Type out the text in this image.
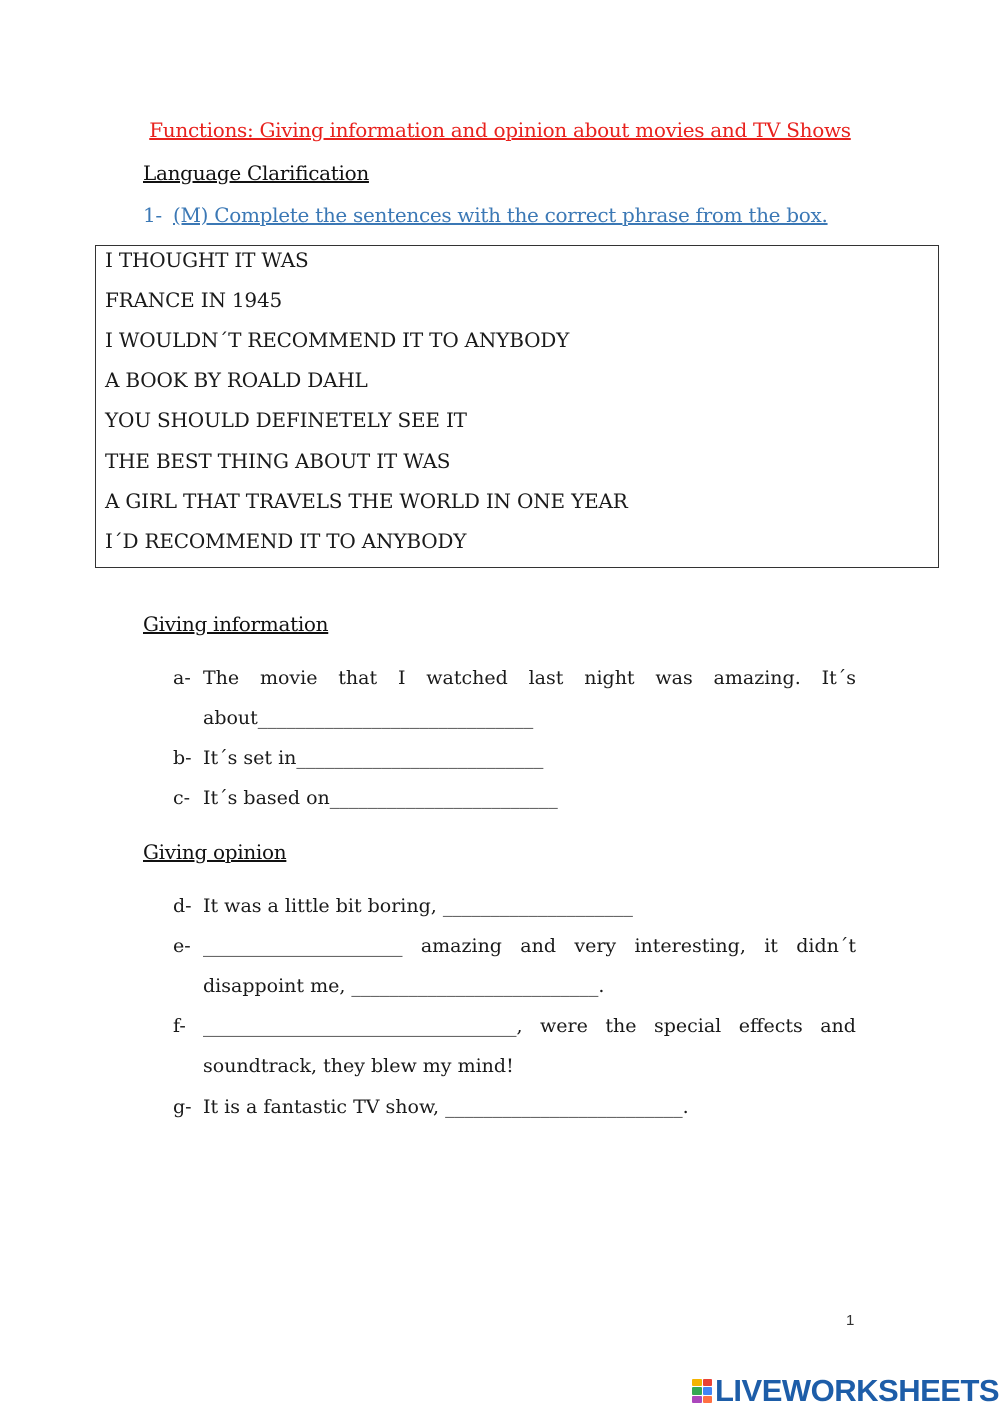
Functions: Giving information and opinion about movies and TV Shows
Language Clarification
1- (M) Complete the sentences with the correct phrase from the box.
I THOUGHT IT WAS
FRANCE IN 1945
I WOULDN´T RECOMMEND IT TO ANYBODY
A BOOK BY ROALD DAHL
YOU SHOULD DEFINETELY SEE IT
THE BEST THING ABOUT IT WAS
A GIRL THAT TRAVELS THE WORLD IN ONE YEAR
I´D RECOMMEND IT TO ANYBODY
Giving information
a- The movie that I watched last night was amazing. It´s
about_____________________________
b- It´s set in__________________________
c- It´s based on________________________
Giving opinion
d- It was a little bit boring, ____________________
e- _____________________ amazing and very interesting, it didn´t
disappoint me, __________________________.
f- _________________________________, were the special effects and
soundtrack, they blew my mind!
g- It is a fantastic TV show, _________________________.
1
LIVEWORKSHEETS
